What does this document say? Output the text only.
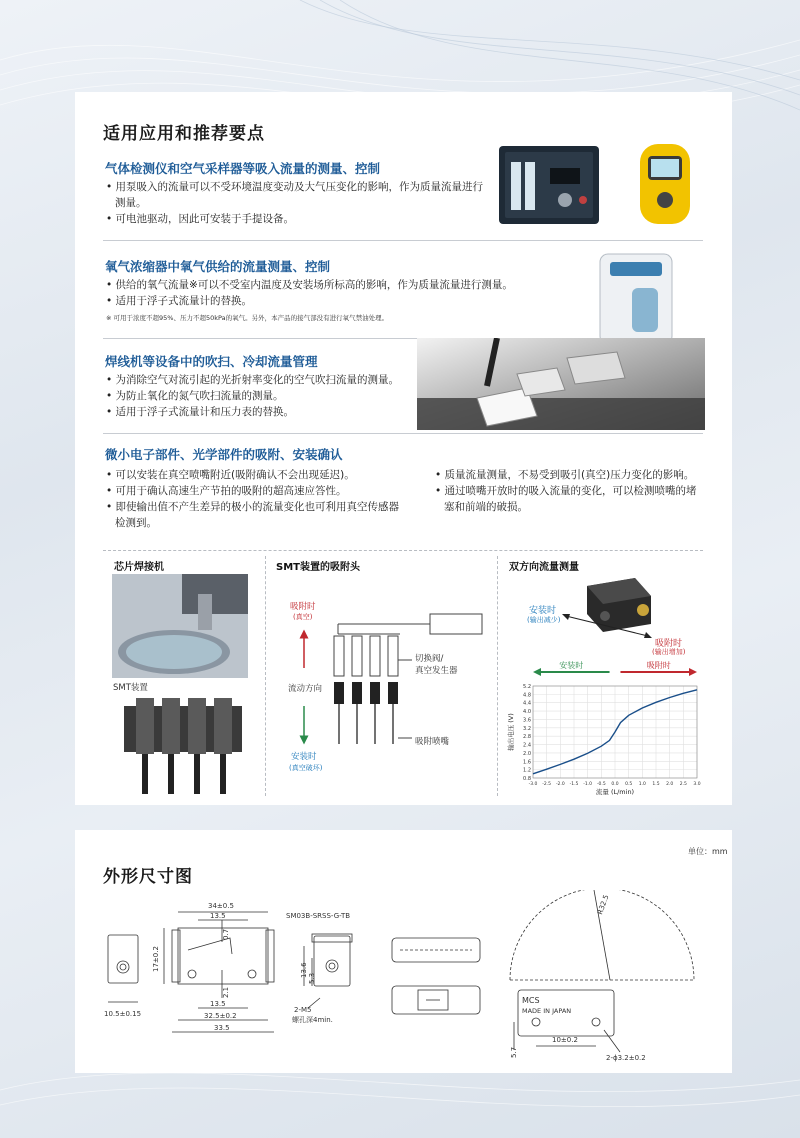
适用应用和推荐要点
气体检测仪和空气采样器等吸入流量的测量、控制
• 用泵吸入的流量可以不受环境温度变动及大气压变化的影响，作为质量流量进行测量。
• 可电池驱动，因此可安装于手提设备。
氧气浓缩器中氧气供给的流量测量、控制
• 供给的氧气流量※可以不受室内温度及安装场所标高的影响，作为质量流量进行测量。
• 适用于浮子式流量计的替换。
※ 可用于浓度不超95%、压力不超50kPa的氧气。另外，本产品的接气部没有进行氧气禁油处理。
焊线机等设备中的吹扫、冷却流量管理
• 为消除空气对流引起的光折射率变化的空气吹扫流量的测量。
• 为防止氧化的氮气吹扫流量的测量。
• 适用于浮子式流量计和压力表的替换。
微小电子部件、光学部件的吸附、安装确认
• 可以安装在真空喷嘴附近(吸附确认不会出现延迟)。
• 可用于确认高速生产节拍的吸附的超高速应答性。
• 即使输出值不产生差异的极小的流量变化也可利用真空传感器检测到。
• 质量流量测量，不易受到吸引(真空)压力变化的影响。
• 通过喷嘴开放时的吸入流量的变化，可以检测喷嘴的堵塞和前端的破损。
芯片焊接机
SMT装置
SMT装置的吸附头
吸附时
(真空)
流动方向
安装时
(真空破坏)
切换阀/
真空发生器
吸附喷嘴
双方向流量测量
安装时
(输出减少)
吸附时
(输出增加)
安装时	吸附时
0.8
1.2
1.6
2.0
2.4
2.8
3.2
3.6
4.0
4.4
4.8
5.2
-3.0 -2.5 -2.0 -1.5 -1.0 -0.5 0.0 0.5 1.0 1.5 2.0 2.5 3.0
流量 (L/min)
输出电压 (V)
单位：mm
外形尺寸图
10.5±0.15
34±0.5
13.5
0.7
17±0.2
2.1
13.5
32.5±0.2
33.5
SM03B-SRSS-G-TB
13.6
5.3
2-M5
螺孔深4min.
R32.5
MCS
MADE IN JAPAN
10±0.2
5.7	2-ɸ3.2±0.2
